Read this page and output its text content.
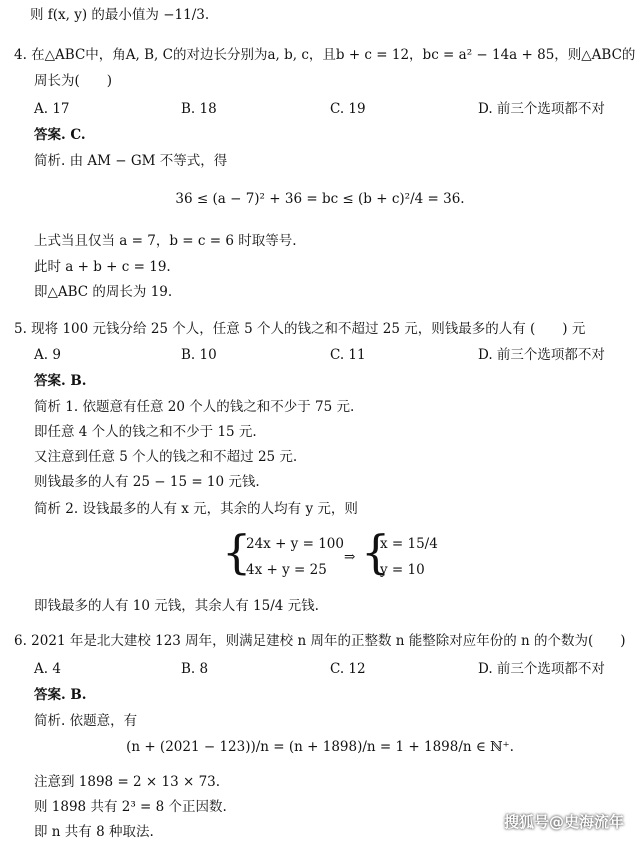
则 f(x, y) 的最小值为 −11/3.
4. 在△ABC中，角A, B, C的对边长分别为a, b, c，且b + c = 12，bc = a² − 14a + 85，则△ABC的
周长为(　　)
A. 17	B. 18	C. 19	D. 前三个选项都不对
答案. C.
简析. 由 AM − GM 不等式，得
上式当且仅当 a = 7，b = c = 6 时取等号.
此时 a + b + c = 19.
即△ABC 的周长为 19.
5. 现将 100 元钱分给 25 个人，任意 5 个人的钱之和不超过 25 元，则钱最多的人有 (　　) 元
A. 9	B. 10	C. 11	D. 前三个选项都不对
答案. B.
简析 1. 依题意有任意 20 个人的钱之和不少于 75 元.
即任意 4 个人的钱之和不少于 15 元.
又注意到任意 5 个人的钱之和不超过 25 元.
则钱最多的人有 25 − 15 = 10 元钱.
简析 2. 设钱最多的人有 x 元，其余的人均有 y 元，则
即钱最多的人有 10 元钱，其余人有 15/4 元钱.
6. 2021 年是北大建校 123 周年，则满足建校 n 周年的正整数 n 能整除对应年份的 n 的个数为(　　)
A. 4	B. 8	C. 12	D. 前三个选项都不对
答案. B.
简析. 依题意，有
注意到 1898 = 2 × 13 × 73.
则 1898 共有 2³ = 8 个正因数.
即 n 共有 8 种取法.
36 ≤ (a − 7)² + 36 = bc ≤ (b + c)²/4 = 36.
{
24x + y = 100
4x + y = 25
⇒ {
x = 15/4
y = 10
(n + (2021 − 123))/n = (n + 1898)/n = 1 + 1898/n ∈ ℕ⁺.
搜狐号@史海流年
